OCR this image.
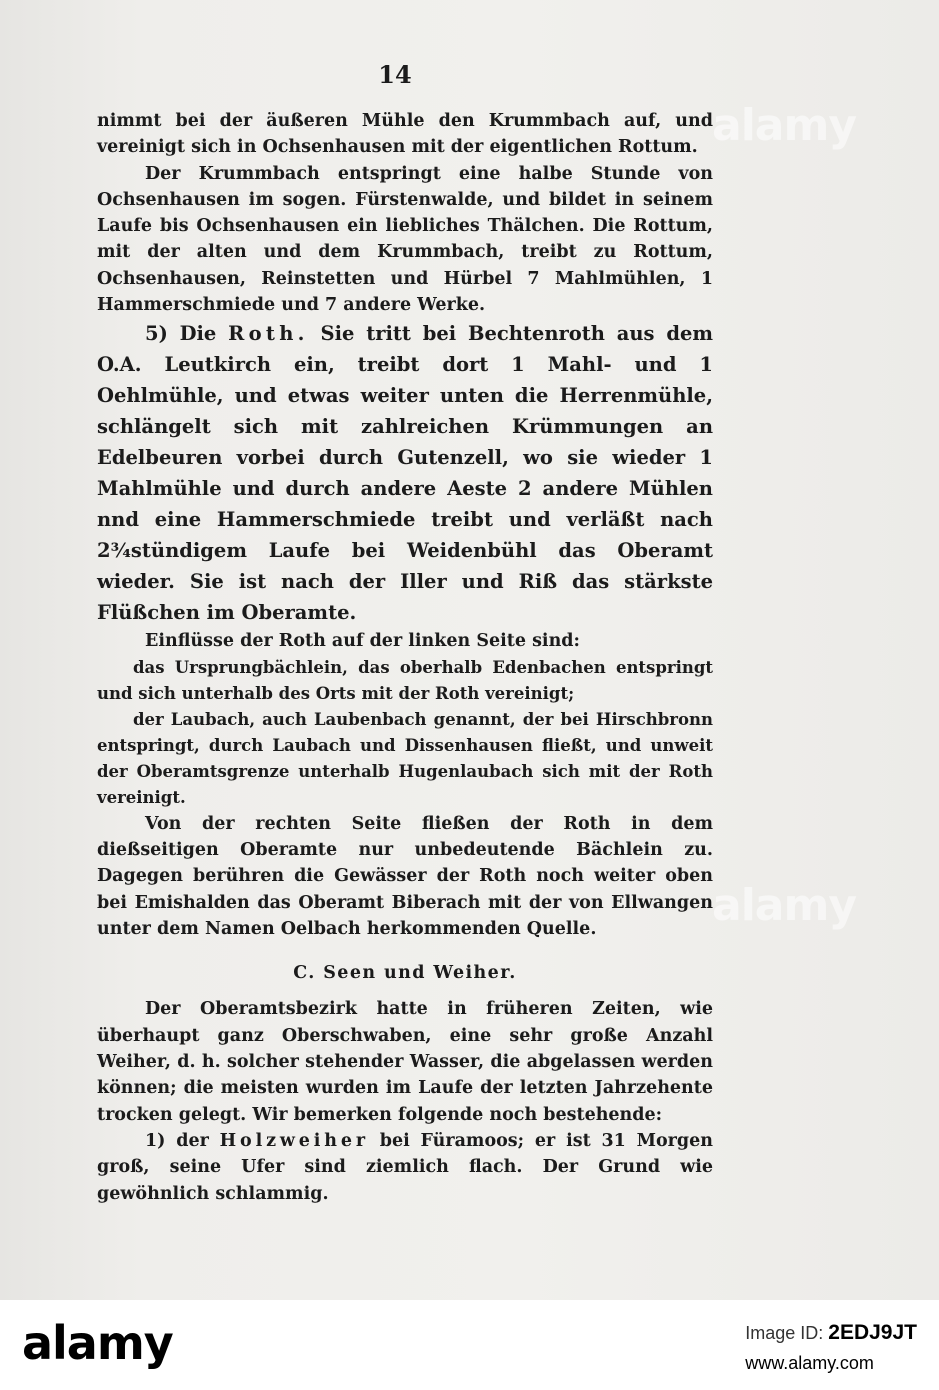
alamy
alamy
14

nimmt bei der äußeren Mühle den Krummbach auf, und vereinigt sich in Ochsenhausen mit der eigentlichen Rottum.

Der Krummbach entspringt eine halbe Stunde von Ochsenhausen im sogen. Fürstenwalde, und bildet in seinem Laufe bis Ochsenhausen ein liebliches Thälchen. Die Rottum, mit der alten und dem Krummbach, treibt zu Rottum, Ochsenhausen, Reinstetten und Hürbel 7 Mahlmühlen, 1 Hammerschmiede und 7 andere Werke.

5) Die Roth. Sie tritt bei Bechtenroth aus dem O.A. Leutkirch ein, treibt dort 1 Mahl- und 1 Oehlmühle, und etwas weiter unten die Herrenmühle, schlängelt sich mit zahlreichen Krümmungen an Edelbeuren vorbei durch Gutenzell, wo sie wieder 1 Mahlmühle und durch andere Aeste 2 andere Mühlen nnd eine Hammerschmiede treibt und verläßt nach 2¾stündigem Laufe bei Weidenbühl das Oberamt wieder. Sie ist nach der Iller und Riß das stärkste Flüßchen im Oberamte.

Einflüsse der Roth auf der linken Seite sind:

das Ursprungbächlein, das oberhalb Edenbachen entspringt und sich unterhalb des Orts mit der Roth vereinigt;

der Laubach, auch Laubenbach genannt, der bei Hirschbronn entspringt, durch Laubach und Dissenhausen fließt, und unweit der Oberamtsgrenze unterhalb Hugenlaubach sich mit der Roth vereinigt.

Von der rechten Seite fließen der Roth in dem dießseitigen Oberamte nur unbedeutende Bächlein zu. Dagegen berühren die Gewässer der Roth noch weiter oben bei Emishalden das Oberamt Biberach mit der von Ellwangen unter dem Namen Oelbach herkommenden Quelle.

C. Seen und Weiher.

Der Oberamtsbezirk hatte in früheren Zeiten, wie überhaupt ganz Oberschwaben, eine sehr große Anzahl Weiher, d. h. solcher stehender Wasser, die abgelassen werden können; die meisten wurden im Laufe der letzten Jahrzehente trocken gelegt. Wir bemerken folgende noch bestehende:

1) der Holzweiher bei Füramoos; er ist 31 Morgen groß, seine Ufer sind ziemlich flach. Der Grund wie gewöhnlich schlammig.

alamy	Image ID: 2EDJ9JT
www.alamy.com
